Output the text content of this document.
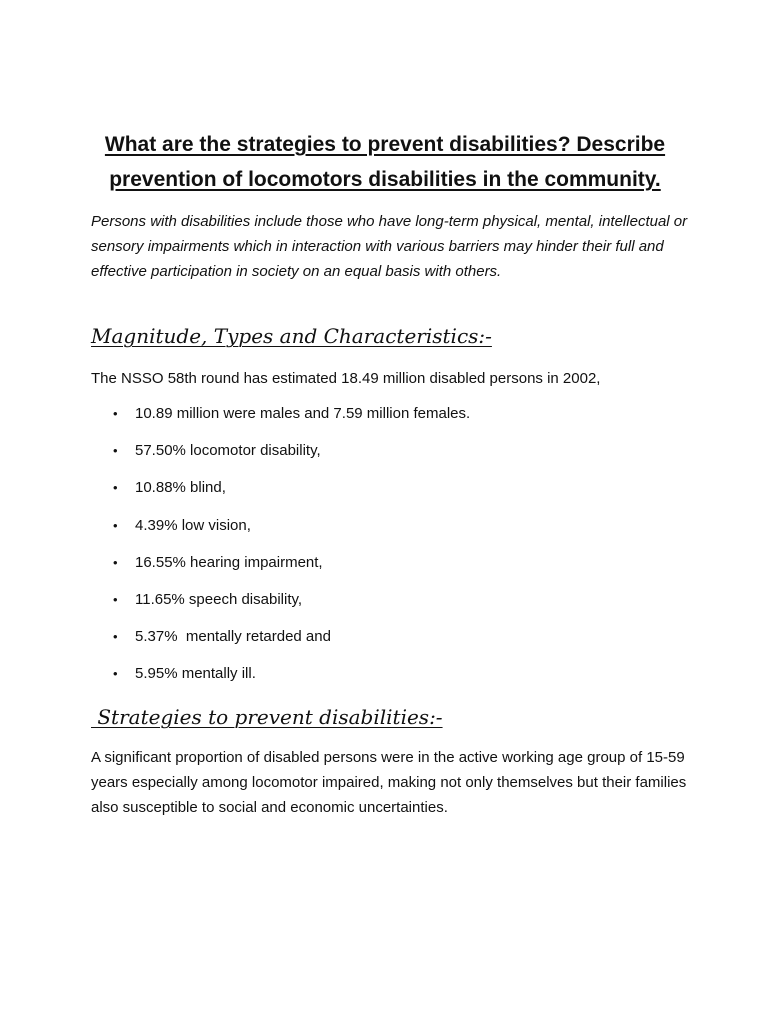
What are the strategies to prevent disabilities? Describe prevention of locomotors disabilities in the community.

Persons with disabilities include those who have long-term physical, mental, intellectual or sensory impairments which in interaction with various barriers may hinder their full and effective participation in society on an equal basis with others.

Magnitude, Types and Characteristics:-

The NSSO 58th round has estimated 18.49 million disabled persons in 2002,

•	10.89 million were males and 7.59 million females.
•	57.50% locomotor disability,
•	10.88% blind,
•	4.39% low vision,
•	16.55% hearing impairment,
•	11.65% speech disability,
•	5.37%  mentally retarded and
•	5.95% mentally ill.
Strategies to prevent disabilities:-

A significant proportion of disabled persons were in the active working age group of 15-59 years especially among locomotor impaired, making not only themselves but their families also susceptible to social and economic uncertainties.
